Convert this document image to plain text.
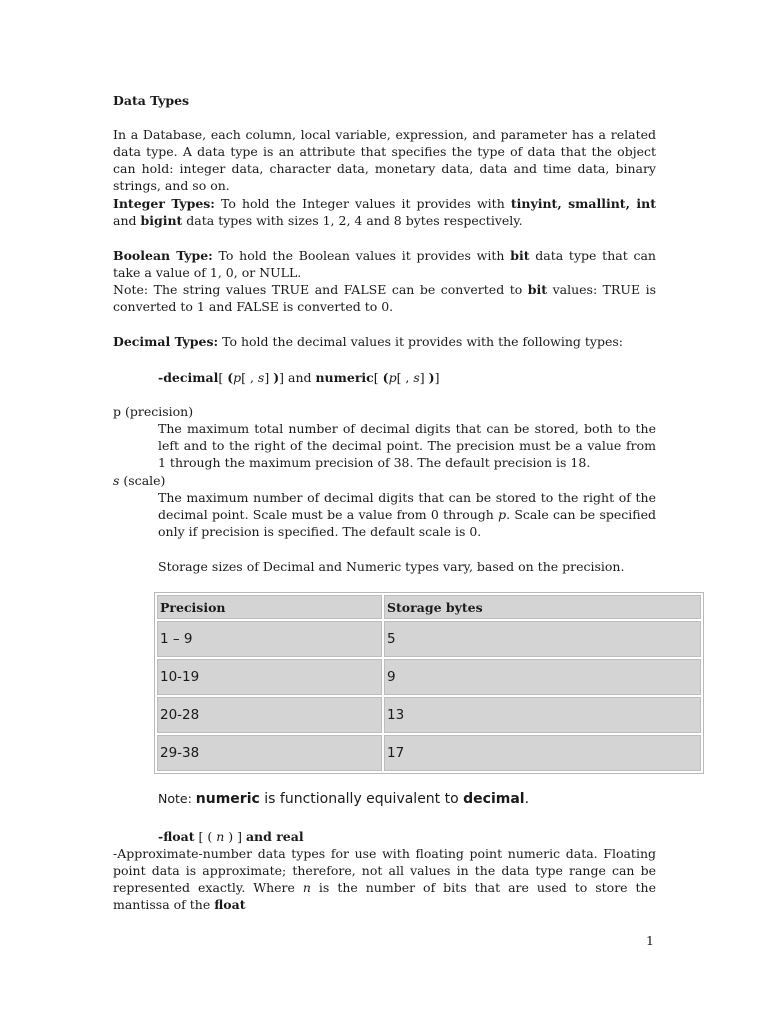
Data Types

In a Database, each column, local variable, expression, and parameter has a related data type. A data type is an attribute that specifies the type of data that the object can hold: integer data, character data, monetary data, data and time data, binary strings, and so on.

Integer Types: To hold the Integer values it provides with tinyint, smallint, int and bigint data types with sizes 1, 2, 4 and 8 bytes respectively.

Boolean Type: To hold the Boolean values it provides with bit data type that can take a value of 1, 0, or NULL.

Note: The string values TRUE and FALSE can be converted to bit values: TRUE is converted to 1 and FALSE is converted to 0.

Decimal Types: To hold the decimal values it provides with the following types:

-decimal[ (p[ , s] )] and numeric[ (p[ , s] )]

p (precision)

The maximum total number of decimal digits that can be stored, both to the left and to the right of the decimal point. The precision must be a value from 1 through the maximum precision of 38. The default precision is 18.

s (scale)

The maximum number of decimal digits that can be stored to the right of the decimal point. Scale must be a value from 0 through p. Scale can be specified only if precision is specified. The default scale is 0.

Storage sizes of Decimal and Numeric types vary, based on the precision.

Precision	Storage bytes
1 – 9	5
10-19	9
20-28	13
29-38	17

Note: numeric is functionally equivalent to decimal.

-float [ ( n ) ] and real

-Approximate-number data types for use with floating point numeric data. Floating point data is approximate; therefore, not all values in the data type range can be represented exactly. Where n is the number of bits that are used to store the mantissa of the float

1
